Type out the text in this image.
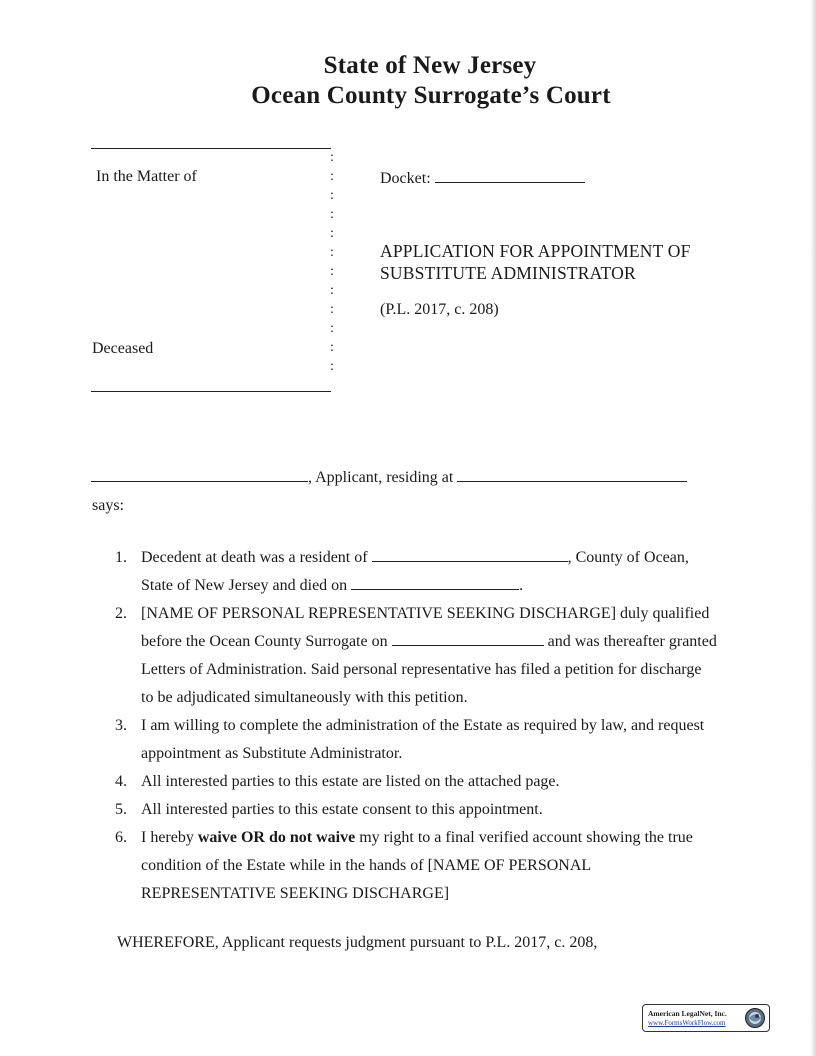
State of New Jersey
Ocean County Surrogate’s Court
:
:
:
:
:
:
:
:
:
:
:
:
In the Matter of
Deceased
Docket:
APPLICATION FOR APPOINTMENT OF
SUBSTITUTE ADMINISTRATOR
(P.L. 2017, c. 208)
, Applicant, residing at
says:
1. Decedent at death was a resident of	, County of Ocean,
State of New Jersey and died on	.
2. [NAME OF PERSONAL REPRESENTATIVE SEEKING DISCHARGE] duly qualified
before the Ocean County Surrogate on	and was thereafter granted
Letters of Administration. Said personal representative has filed a petition for discharge
to be adjudicated simultaneously with this petition.
3. I am willing to complete the administration of the Estate as required by law, and request
appointment as Substitute Administrator.
4. All interested parties to this estate are listed on the attached page.
5. All interested parties to this estate consent to this appointment.
6. I hereby waive OR do not waive my right to a final verified account showing the true
condition of the Estate while in the hands of [NAME OF PERSONAL
REPRESENTATIVE SEEKING DISCHARGE]
WHEREFORE, Applicant requests judgment pursuant to P.L. 2017, c. 208,
American LegalNet, Inc.
www.FormsWorkFlow.com
